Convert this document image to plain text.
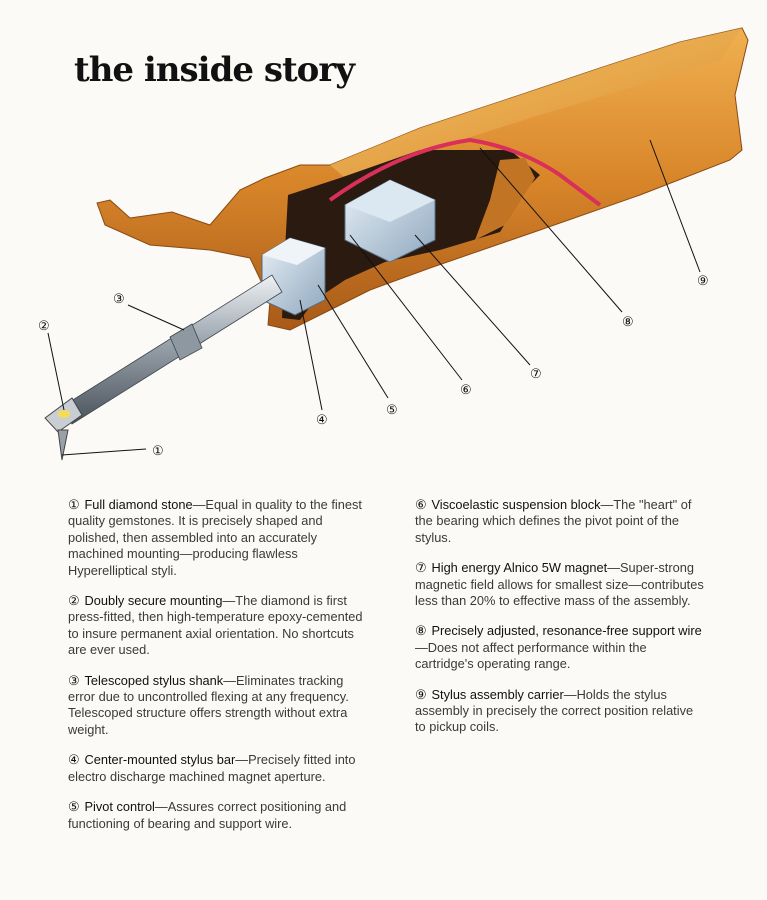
the inside story
①
②
③
④
⑤
⑥
⑦
⑧
⑨

① Full diamond stone—Equal in quality to the finest quality gemstones. It is precisely shaped and polished, then assembled into an accurately machined mounting—producing flawless Hyperelliptical styli.

② Doubly secure mounting—The diamond is first press-fitted, then high-temperature epoxy-cemented to insure permanent axial orientation. No shortcuts are ever used.

③ Telescoped stylus shank—Eliminates tracking error due to uncontrolled flexing at any frequency. Telescoped structure offers strength without extra weight.

④ Center-mounted stylus bar—Precisely fitted into electro discharge machined magnet aperture.

⑤ Pivot control—Assures correct positioning and functioning of bearing and support wire.

⑥ Viscoelastic suspension block—The "heart" of the bearing which defines the pivot point of the stylus.

⑦ High energy Alnico 5W magnet—Super-strong magnetic field allows for smallest size—contributes less than 20% to effective mass of the assembly.

⑧ Precisely adjusted, resonance-free support wire—Does not affect performance within the cartridge's operating range.

⑨ Stylus assembly carrier—Holds the stylus assembly in precisely the correct position relative to pickup coils.
